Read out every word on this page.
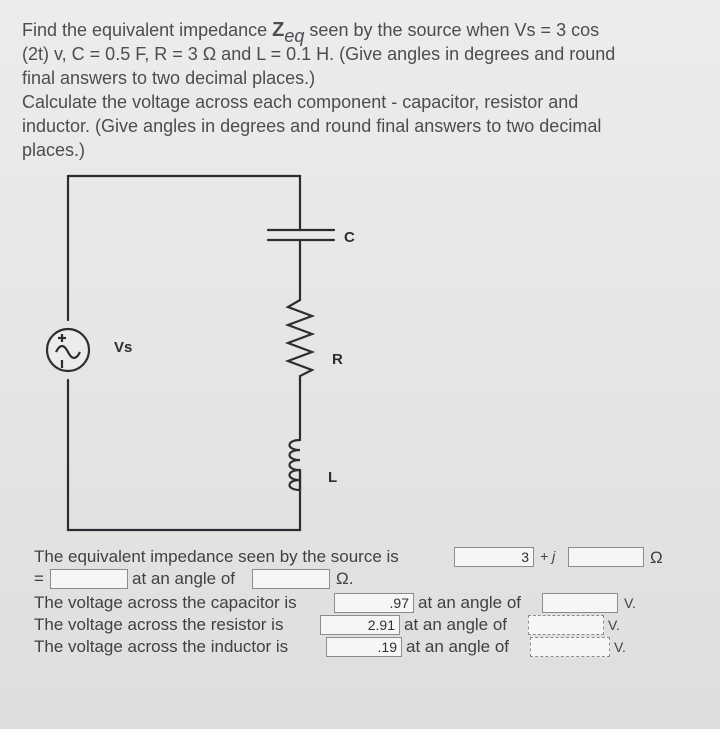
Find the equivalent impedance Zeq seen by the source when Vs = 3 cos

(2t) v, C = 0.5 F, R = 3 Ω and L = 0.1 H. (Give angles in degrees and round

final answers to two decimal places.)

Calculate the voltage across each component - capacitor, resistor and

inductor. (Give angles in degrees and round final answers to two decimal

places.)

Vs
C
R
L
The equivalent impedance seen by the source is	3 + j	Ω
=	at an angle of	Ω.
The voltage across the capacitor is	.97 at an angle of	V.
The voltage across the resistor is	2.91 at an angle of	V.
The voltage across the inductor is	.19 at an angle of	V.
